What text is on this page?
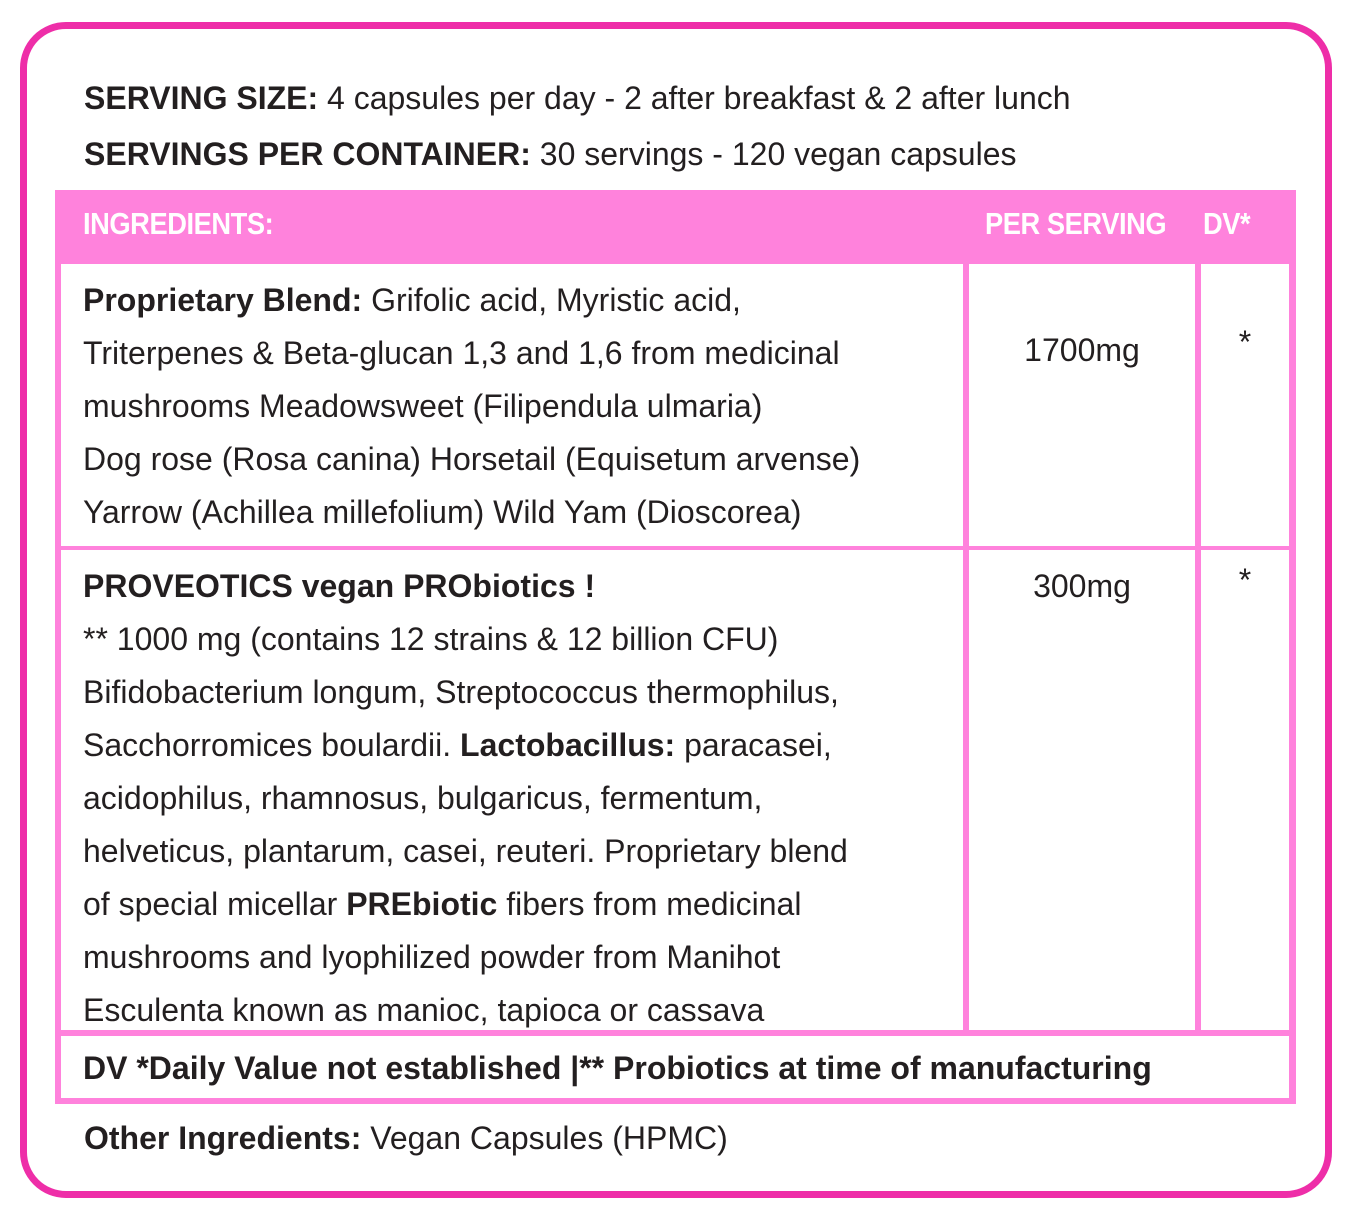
SERVING SIZE: 4 capsules per day - 2 after breakfast & 2 after lunch
SERVINGS PER CONTAINER: 30 servings - 120 vegan capsules
INGREDIENTS:	PER SERVING DV*
Proprietary Blend: Grifolic acid, Myristic acid,
Triterpenes & Beta-glucan 1,3 and 1,6 from medicinal
mushrooms Meadowsweet (Filipendula ulmaria)
Dog rose (Rosa canina) Horsetail (Equisetum arvense)
Yarrow (Achillea millefolium) Wild Yam (Dioscorea)
1700mg	*
PROVEOTICS vegan PRObiotics !
** 1000 mg (contains 12 strains & 12 billion CFU)
Bifidobacterium longum, Streptococcus thermophilus,
Sacchorromices boulardii. Lactobacillus: paracasei,
acidophilus, rhamnosus, bulgaricus, fermentum,
helveticus, plantarum, casei, reuteri. Proprietary blend
of special micellar PREbiotic fibers from medicinal
mushrooms and lyophilized powder from Manihot
Esculenta known as manioc, tapioca or cassava
300mg	*
DV *Daily Value not established |** Probiotics at time of manufacturing
Other Ingredients: Vegan Capsules (HPMC)
